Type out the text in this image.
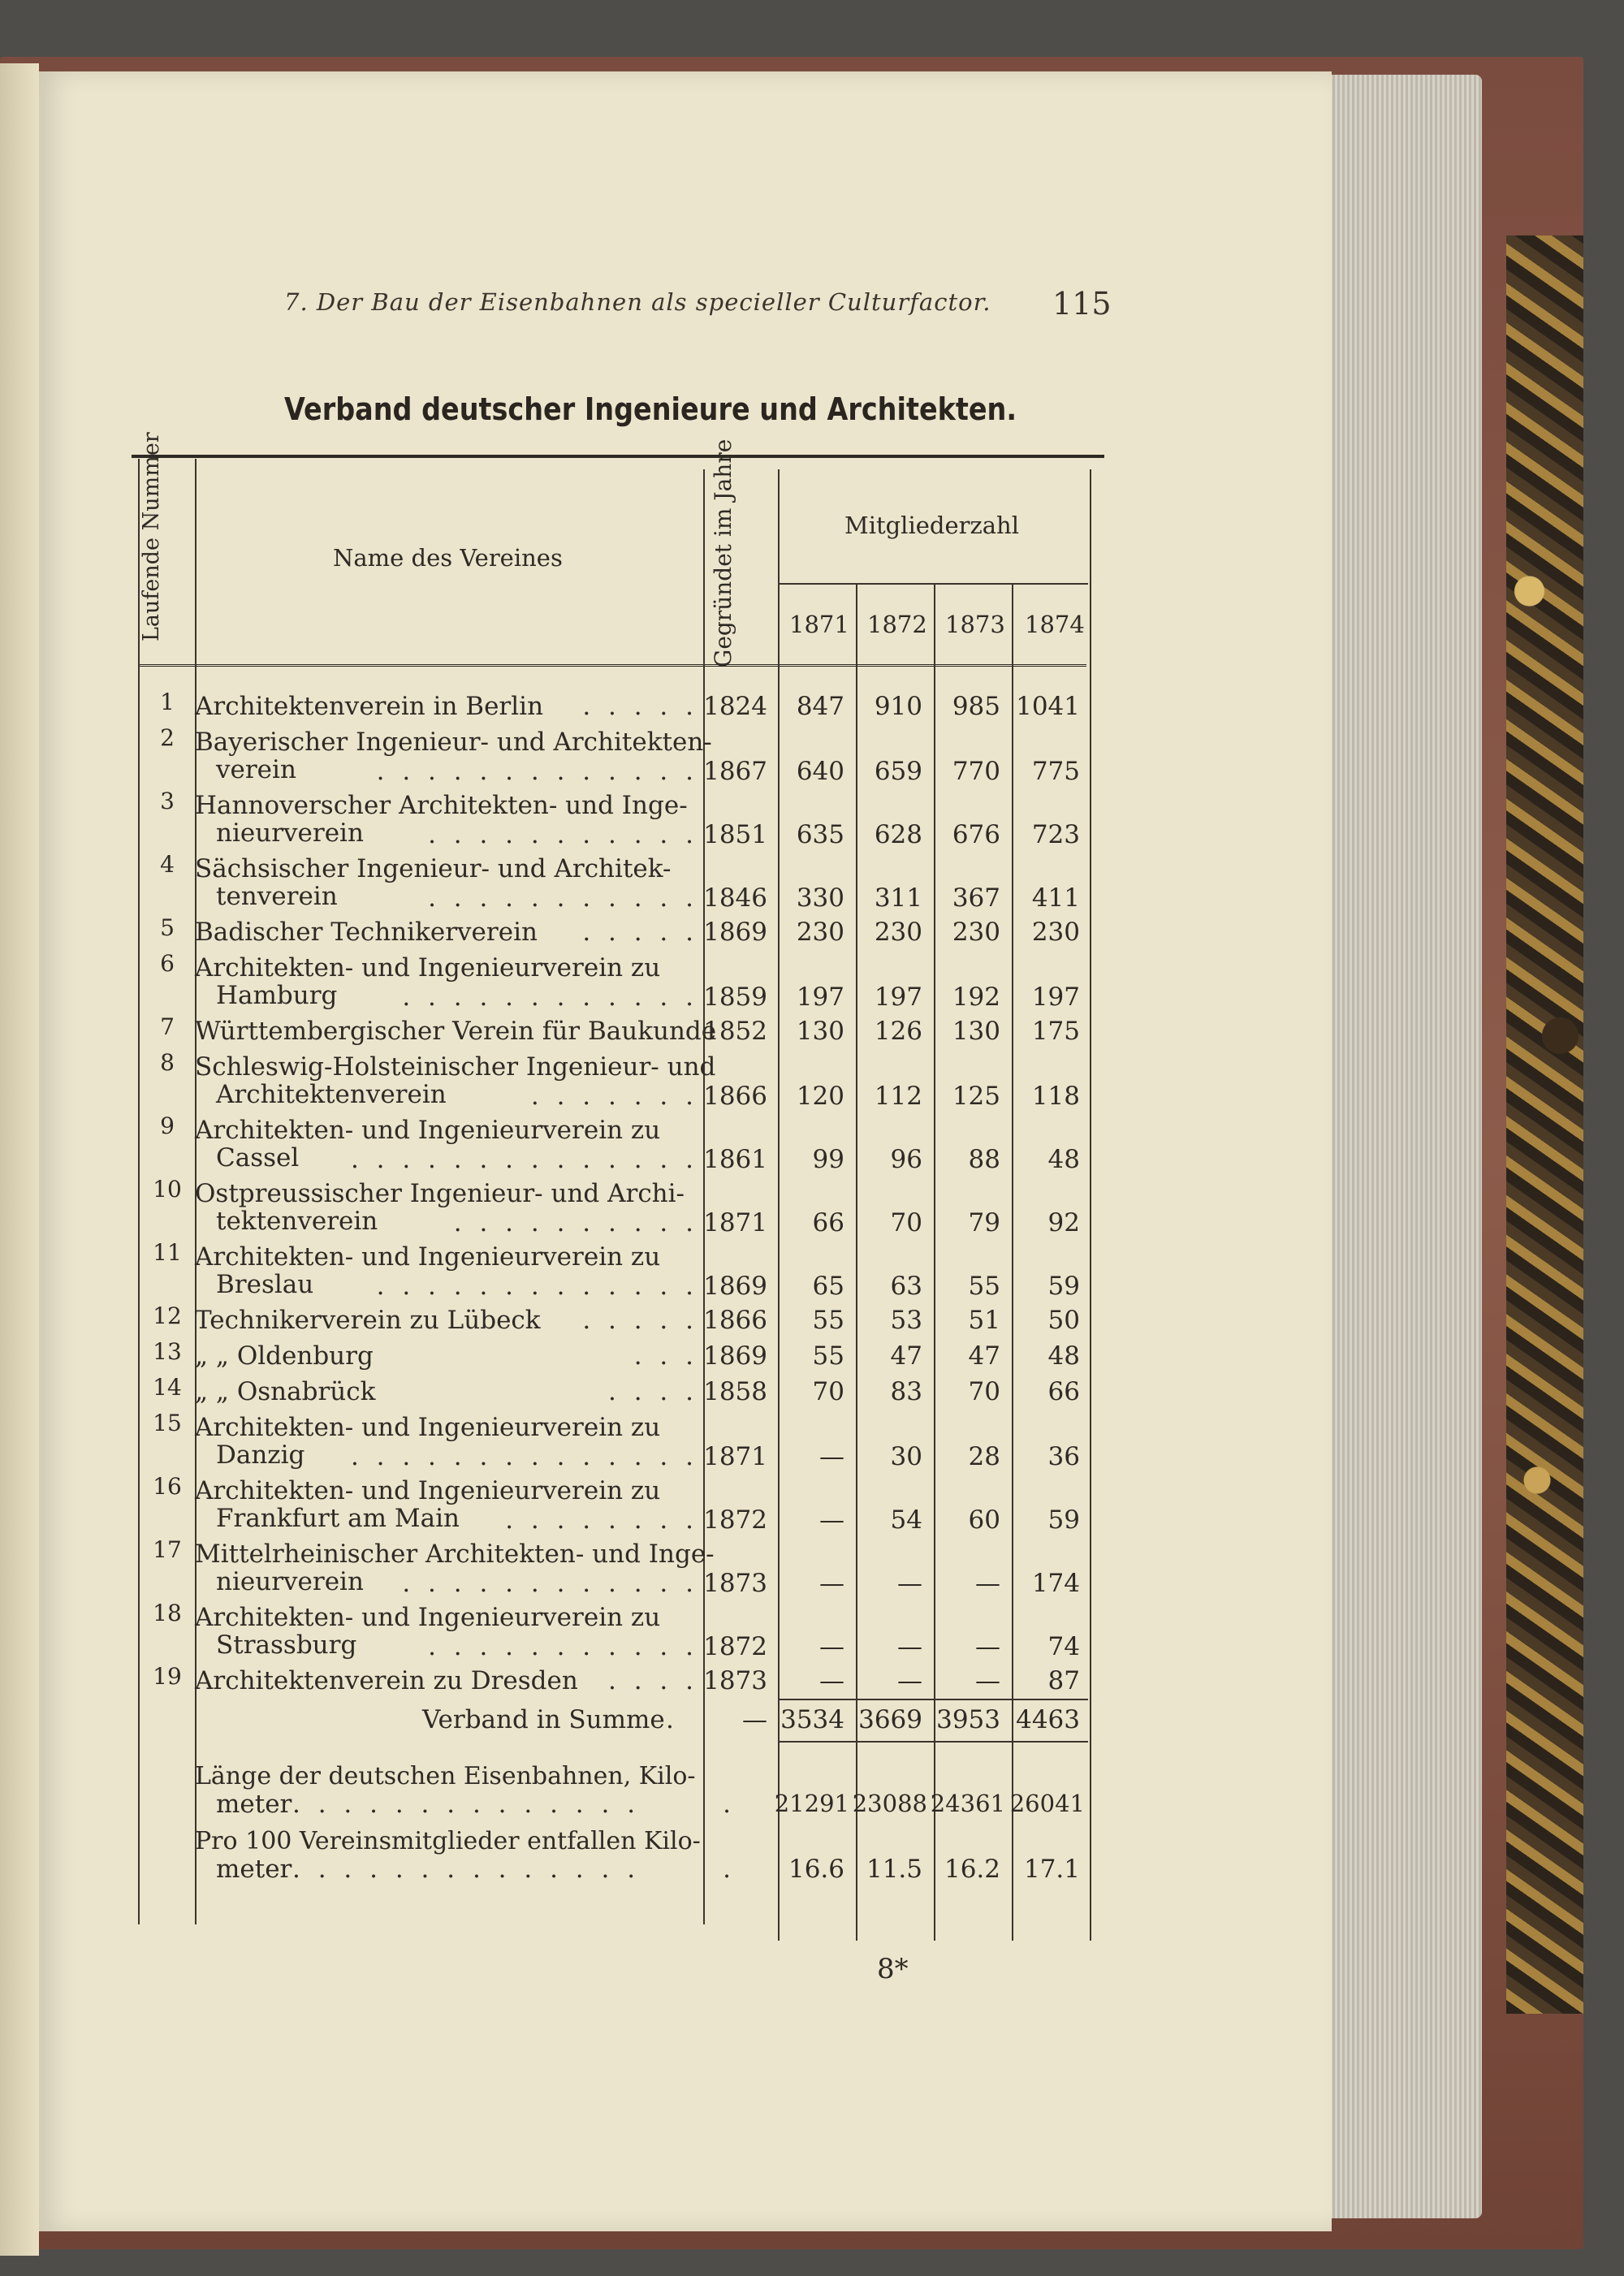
7. Der Bau der Eisenbahnen als specieller Culturfactor.	115
Verband deutscher Ingenieure und Architekten.
Laufende Nummer	Name des Vereines	Gegründet im Jahre	Mitgliederzahl
8*
1871 1872 1873 1874
1 Architektenverein in Berlin . . . . . 1824	847	910	985 1041
2 Bayerischer Ingenieur- und Architekten-
verein	. . . . . . . . . . . . . 1867	640	659	770	775
3 Hannoverscher Architekten- und Inge-
nieurverein	. . . . . . . . . . . 1851	635	628	676	723
4 Sächsischer Ingenieur- und Architek-
tenverein	. . . . . . . . . . . 1846	330	311	367	411
5 Badischer Technikerverein . . . . . 1869	230	230	230	230
6 Architekten- und Ingenieurverein zu
Hamburg	. . . . . . . . . . . . 1859	197	197	192	197
7 Württembergischer Verein für Baukunde
1852	130	126	130	175
8 Schleswig-Holsteinischer Ingenieur- und
Architektenverein	. . . . . . . 1866	120	112	125	118
9 Architekten- und Ingenieurverein zu
Cassel . . . . . . . . . . . . . . 1861	99	96	88	48
10 Ostpreussischer Ingenieur- und Archi-
tektenverein	. . . . . . . . . . 1871	66	70	79	92
11 Architekten- und Ingenieurverein zu
Breslau . . . . . . . . . . . . . 1869	65	63	55	59
12 Technikerverein zu Lübeck . . . . . 1866	55	53	51	50
13 „ „ Oldenburg	. . . 1869	55	47	47	48
14 „ „ Osnabrück	. . . . 1858	70	83	70	66
15 Architekten- und Ingenieurverein zu
Danzig . . . . . . . . . . . . . . 1871	—	30	28	36
16 Architekten- und Ingenieurverein zu
Frankfurt am Main . . . . . . . . 1872	—	54	60	59
17 Mittelrheinischer Architekten- und Inge-
nieurverein . . . . . . . . . . . . 1873	—	—	—	174
18 Architekten- und Ingenieurverein zu
Strassburg	. . . . . . . . . . . 1872	—	—	—	74
19 Architektenverein zu Dresden . . . . 1873	—	—	—	87
Verband in Summe .	— 3534 3669 3953 4463
Länge der deutschen Eisenbahnen, Kilo-
meter . . . . . . . . . . . . . .	. 21291 23088 24361 26041
Pro 100 Vereinsmitglieder entfallen Kilo-
meter . . . . . . . . . . . . . .	.	16.6 11.5 16.2 17.1
